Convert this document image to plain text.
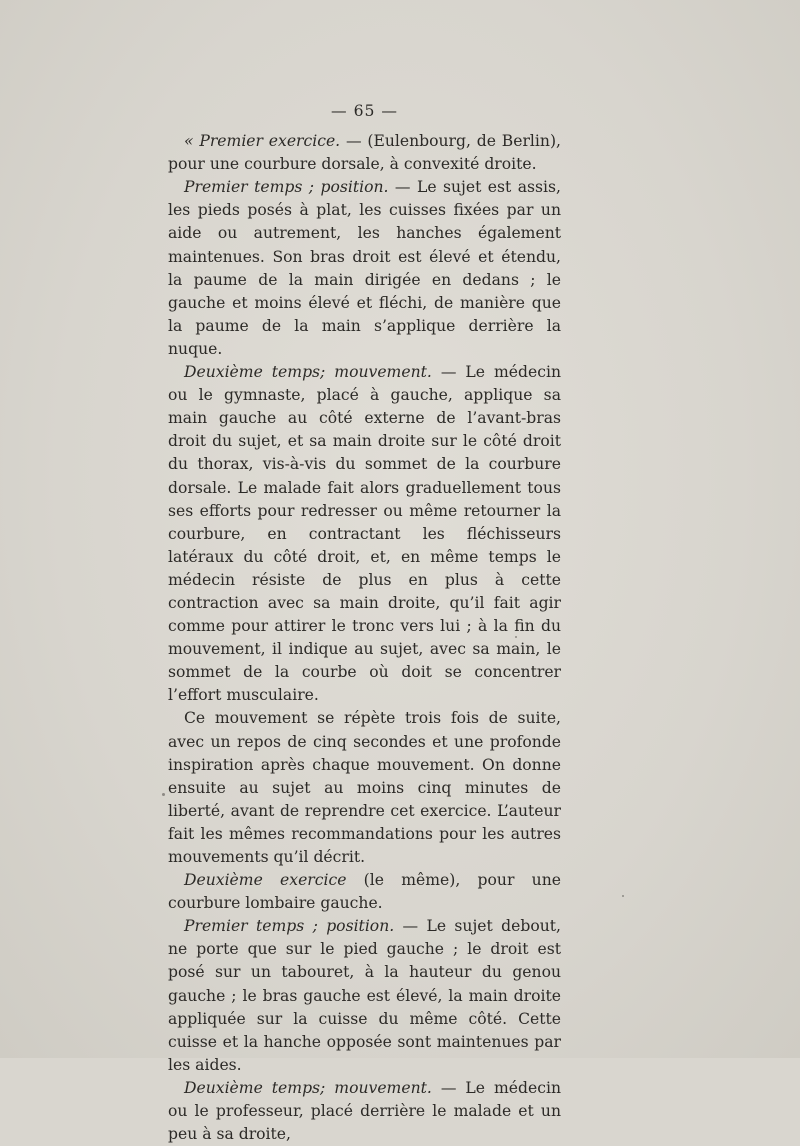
— 65 —

« Premier exercice. — (Eulenbourg, de Berlin), pour une courbure dorsale, à convexité droite.

Premier temps ; position. — Le sujet est assis, les pieds posés à plat, les cuisses fixées par un aide ou autrement, les hanches également maintenues. Son bras droit est élevé et étendu, la paume de la main dirigée en dedans ; le gauche et moins élevé et fléchi, de manière que la paume de la main s’applique derrière la nuque.

Deuxième temps; mouvement. — Le médecin ou le gymnaste, placé à gauche, applique sa main gauche au côté externe de l’avant-bras droit du sujet, et sa main droite sur le côté droit du thorax, vis-à-vis du sommet de la courbure dorsale. Le malade fait alors graduellement tous ses efforts pour redresser ou même retourner la courbure, en contractant les fléchisseurs latéraux du côté droit, et, en même temps le médecin résiste de plus en plus à cette contraction avec sa main droite, qu’il fait agir comme pour attirer le tronc vers lui ; à la fin du mouvement, il indique au sujet, avec sa main, le sommet de la courbe où doit se concentrer l’effort musculaire.

Ce mouvement se répète trois fois de suite, avec un repos de cinq secondes et une profonde inspiration après chaque mouvement. On donne ensuite au sujet au moins cinq minutes de liberté, avant de reprendre cet exercice. L’auteur fait les mêmes recommandations pour les autres mouvements qu’il décrit.

Deuxième exercice (le même), pour une courbure lombaire gauche.

Premier temps ; position. — Le sujet debout, ne porte que sur le pied gauche ; le droit est posé sur un tabouret, à la hauteur du genou gauche ; le bras gauche est élevé, la main droite appliquée sur la cuisse du même côté. Cette cuisse et la hanche opposée sont maintenues par les aides.

Deuxième temps; mouvement. — Le médecin ou le professeur, placé derrière le malade et un peu à sa droite,
